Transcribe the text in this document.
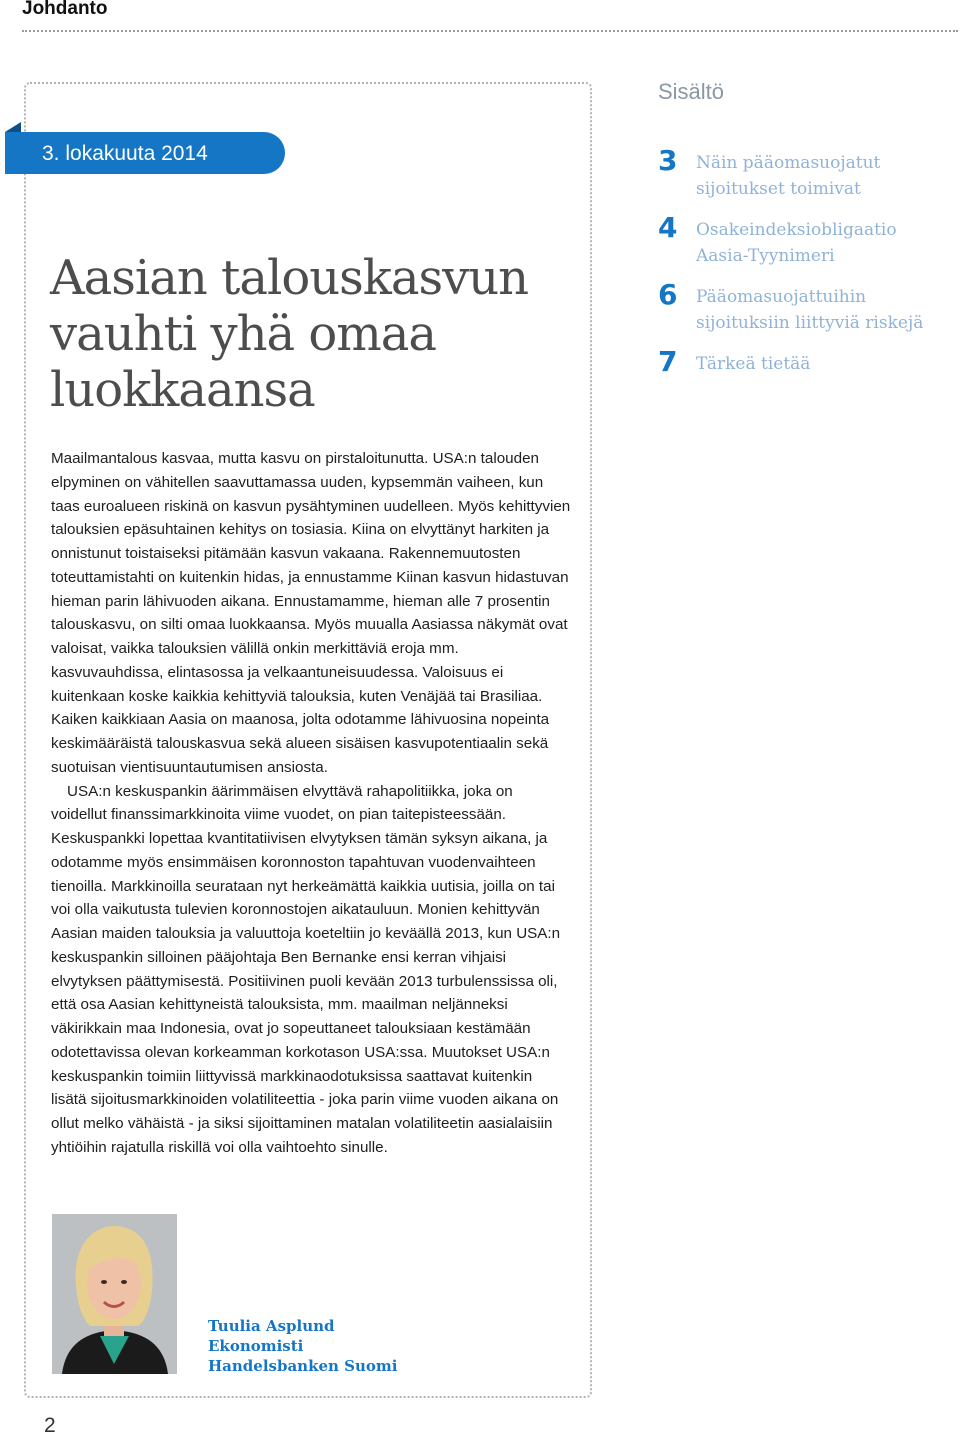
Johdanto

3. lokakuuta 2014

Aasian talouskasvun
vauhti yhä omaa
luokkaansa
Sisältö
3	Näin pääomasuojatut sijoitukset toimivat
4	Osakeindeksiobligaatio Aasia-Tyynimeri
6	Pääomasuojattuihin sijoituksiin liittyviä riskejä
7	Tärkeä tietää

Maailmantalous kasvaa, mutta kasvu on pirstaloitunutta. USA:n talouden elpyminen on vähitellen saavuttamassa uuden, kypsemmän vaiheen, kun taas euroalueen riskinä on kasvun pysähtyminen uudelleen. Myös kehittyvien talouksien epäsuhtainen kehitys on tosiasia. Kiina on elvyttänyt harkiten ja onnistunut toistaiseksi pitämään kasvun vakaana. Rakennemuutosten toteuttamistahti on kuitenkin hidas, ja ennustamme Kiinan kasvun hidastuvan hieman parin lähivuoden aikana. Ennustamamme, hieman alle 7 prosentin talouskasvu, on silti omaa luokkaansa. Myös muualla Aasiassa näkymät ovat valoisat, vaikka talouksien välillä onkin merkittäviä eroja mm. kasvuvauhdissa, elintasossa ja velkaantuneisuudessa. Valoisuus ei kuitenkaan koske kaikkia kehittyviä talouksia, kuten Venäjää tai Brasiliaa. Kaiken kaikkiaan Aasia on maanosa, jolta odotamme lähivuosina nopeinta keskimääräistä talouskasvua sekä alueen sisäisen kasvupotentiaalin sekä suotuisan vientisuuntautumisen ansiosta.

USA:n keskuspankin äärimmäisen elvyttävä rahapolitiikka, joka on voidellut finanssimarkkinoita viime vuodet, on pian taitepisteessään. Keskuspankki lopettaa kvantitatiivisen elvytyksen tämän syksyn aikana, ja odotamme myös ensimmäisen koronnoston tapahtuvan vuodenvaihteen tienoilla. Markkinoilla seurataan nyt herkeämättä kaikkia uutisia, joilla on tai voi olla vaikutusta tulevien koronnostojen aikatauluun. Monien kehittyvän Aasian maiden talouksia ja valuuttoja koeteltiin jo keväällä 2013, kun USA:n keskuspankin silloinen pääjohtaja Ben Bernanke ensi kerran vihjaisi elvytyksen päättymisestä. Positiivinen puoli kevään 2013 turbulenssissa oli, että osa Aasian kehittyneistä talouksista, mm. maailman neljänneksi väkirikkain maa Indonesia, ovat jo sopeuttaneet talouksiaan kestämään odotettavissa olevan korkeamman korkotason USA:ssa. Muutokset USA:n keskuspankin toimiin liittyvissä markkinaodotuksissa saattavat kuitenkin lisätä sijoitusmarkkinoiden volatiliteettia - joka parin viime vuoden aikana on ollut melko vähäistä - ja siksi sijoittaminen matalan volatiliteetin aasialaisiin yhtiöihin rajatulla riskillä voi olla vaihtoehto sinulle.

Tuulia Asplund
Ekonomisti
Handelsbanken Suomi

2
